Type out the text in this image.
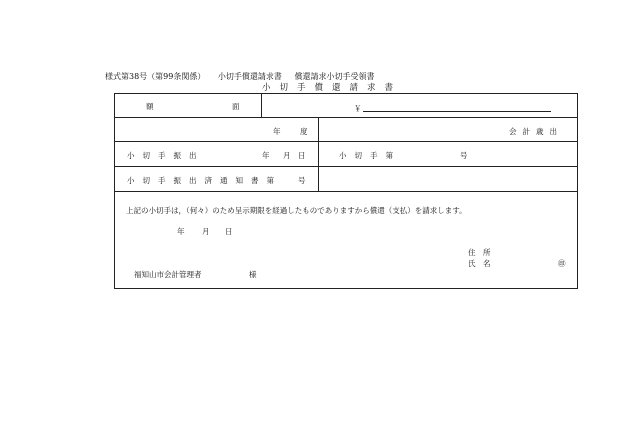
様式第38号（第99条関係） 小切手償還請求書 償還請求小切手受領書
小切手償還請求書
額	面	￥
年　度	会計歳出
小切手振出	年 月 日	小切手第	号
小切手振出済通知書第 号
上記の小切手は，（何々）のため呈示期限を経過したものでありますから償還（支払）を請求します。
年 月 日
住　所
氏　名	㊞
福知山市会計管理者	様
